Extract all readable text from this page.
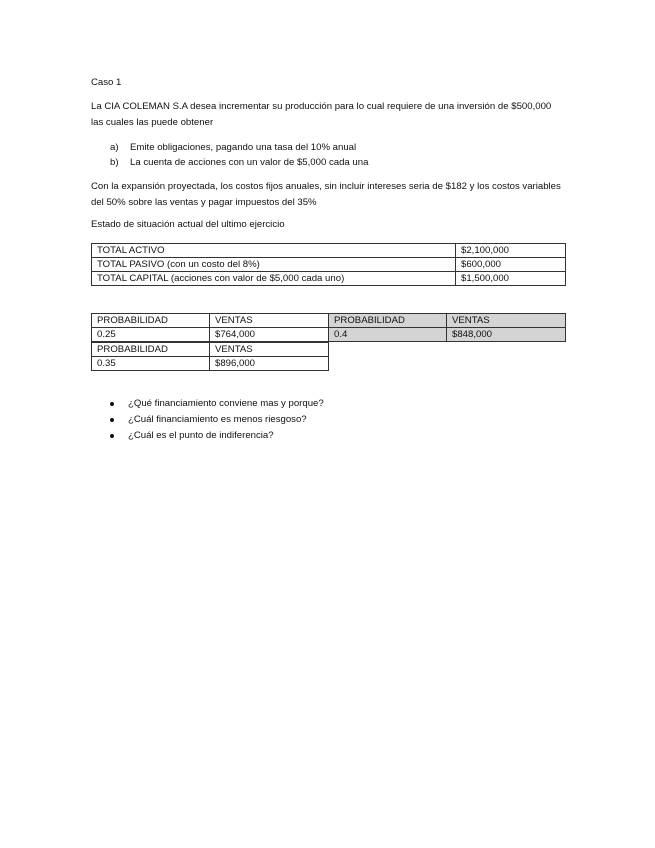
Caso 1
La CIA COLEMAN S.A desea incrementar su producción para lo cual requiere de una inversión de $500,000 las cuales las puede obtener
a) Emite obligaciones, pagando una tasa del 10% anual
b) La cuenta de acciones con un valor de $5,000 cada una
Con la expansión proyectada, los costos fijos anuales, sin incluir intereses seria de $182 y los costos variables del 50% sobre las ventas y pagar impuestos del 35%
Estado de situación actual del ultimo ejercicio
TOTAL ACTIVO	$2,100,000
TOTAL PASIVO (con un costo del 8%)	$600,000
TOTAL CAPITAL (acciones con valor de $5,000 cada uno)	$1,500,000
PROBABILIDAD	VENTAS
0.25	$764,000
PROBABILIDAD	VENTAS
0.4	$848,000
PROBABILIDAD	VENTAS
0.35	$896,000
¿Qué financiamiento conviene mas y porque?
¿Cuál financiamiento es menos riesgoso?
¿Cuál es el punto de indiferencia?
